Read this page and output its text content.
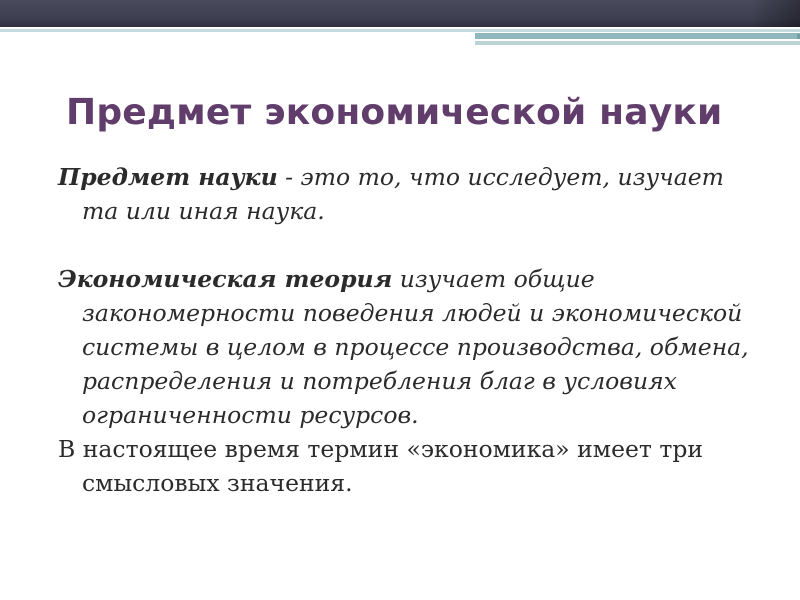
Предмет экономической науки

Предмет науки - это то, что исследует, изучает та или иная наука.

Экономическая теория изучает общие закономерности поведения людей и экономической системы в целом в процессе производства, обмена, распределения и потребления благ в условиях ограниченности ресурсов.

В настоящее время термин «экономика» имеет три смысловых значения.
